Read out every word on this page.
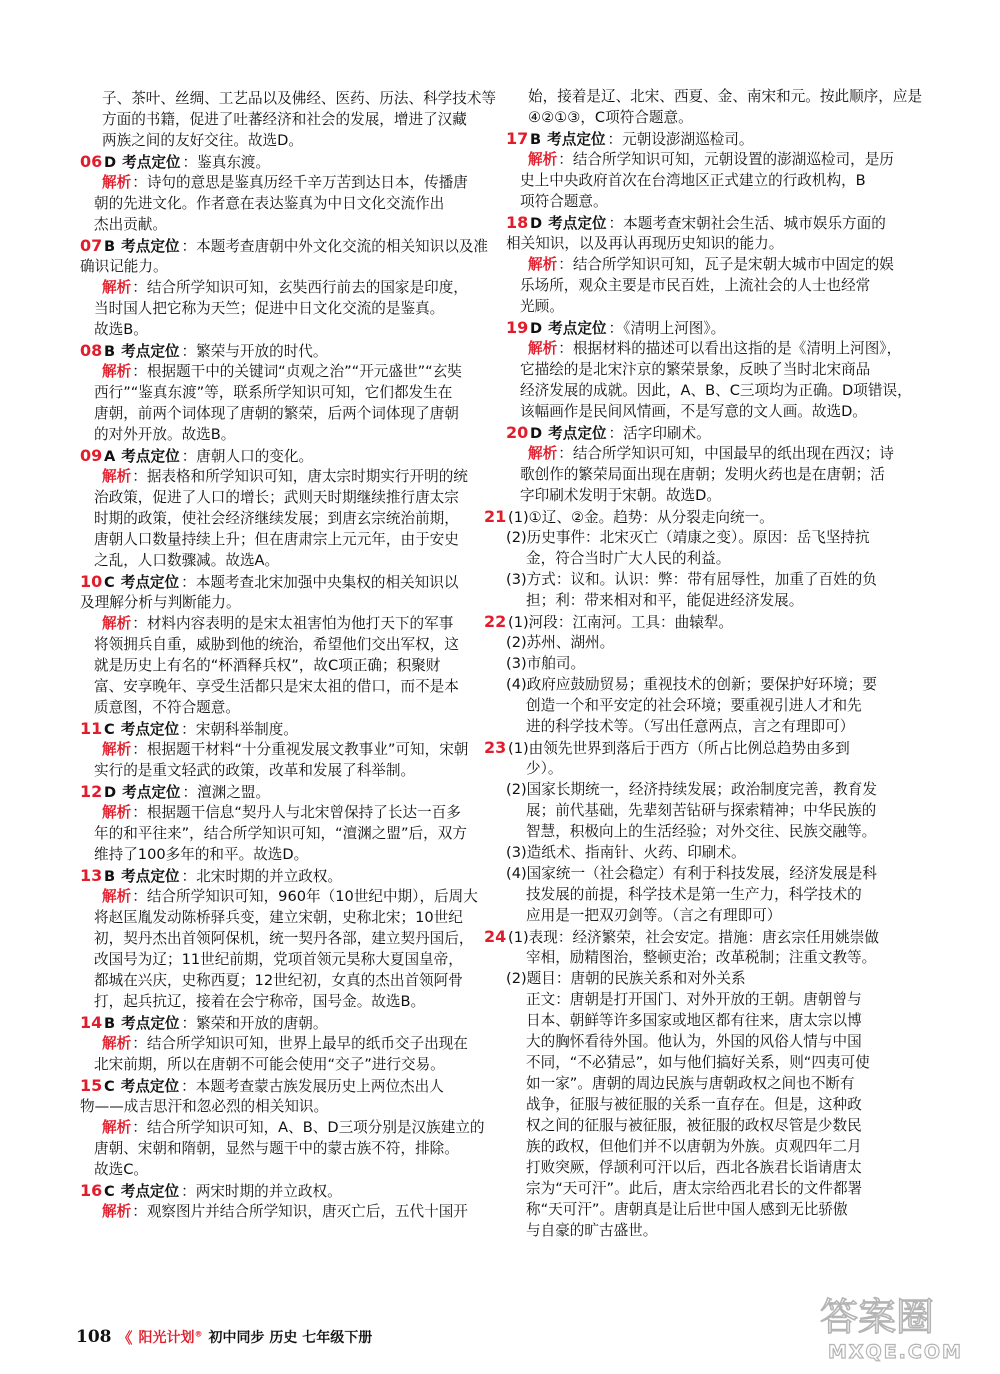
子、茶叶、丝绸、工艺品以及佛经、医药、历法、科学技术等
方面的书籍，促进了吐蕃经济和社会的发展，增进了汉藏
两族之间的友好交往。故选D。
06 D 考点定位 ：鉴真东渡。
解析：诗句的意思是鉴真历经千辛万苦到达日本，传播唐
朝的先进文化。作者意在表达鉴真为中日文化交流作出
杰出贡献。
07 B 考点定位 ：本题考查唐朝中外文化交流的相关知识以及准
确识记能力。
解析：结合所学知识可知，玄奘西行前去的国家是印度，
当时国人把它称为天竺；促进中日文化交流的是鉴真。
故选B。
08 B 考点定位 ：繁荣与开放的时代。
解析：根据题干中的关键词“贞观之治”“开元盛世”“玄奘
西行”“鉴真东渡”等，联系所学知识可知，它们都发生在
唐朝，前两个词体现了唐朝的繁荣，后两个词体现了唐朝
的对外开放。故选B。
09 A 考点定位 ：唐朝人口的变化。
解析：据表格和所学知识可知，唐太宗时期实行开明的统
治政策，促进了人口的增长；武则天时期继续推行唐太宗
时期的政策，使社会经济继续发展；到唐玄宗统治前期，
唐朝人口数量持续上升；但在唐肃宗上元元年，由于安史
之乱，人口数骤减。故选A。
10 C 考点定位 ：本题考查北宋加强中央集权的相关知识以
及理解分析与判断能力。
解析：材料内容表明的是宋太祖害怕为他打天下的军事
将领拥兵自重，威胁到他的统治，希望他们交出军权，这
就是历史上有名的“杯酒释兵权”，故C项正确；积聚财
富、安享晚年、享受生活都只是宋太祖的借口，而不是本
质意图，不符合题意。
11 C 考点定位 ：宋朝科举制度。
解析：根据题干材料“十分重视发展文教事业”可知，宋朝
实行的是重文轻武的政策，改革和发展了科举制。
12 D 考点定位 ：澶渊之盟。
解析：根据题干信息“契丹人与北宋曾保持了长达一百多
年的和平往来”，结合所学知识可知，“澶渊之盟”后，双方
维持了100多年的和平。故选D。
13 B 考点定位 ：北宋时期的并立政权。
解析：结合所学知识可知，960年（10世纪中期），后周大
将赵匡胤发动陈桥驿兵变，建立宋朝，史称北宋；10世纪
初，契丹杰出首领阿保机，统一契丹各部，建立契丹国后，
改国号为辽；11世纪前期，党项首领元昊称大夏国皇帝，
都城在兴庆，史称西夏；12世纪初，女真的杰出首领阿骨
打，起兵抗辽，接着在会宁称帝，国号金。故选B。
14 B 考点定位 ：繁荣和开放的唐朝。
解析：结合所学知识可知，世界上最早的纸币交子出现在
北宋前期，所以在唐朝不可能会使用“交子”进行交易。
15 C 考点定位 ：本题考查蒙古族发展历史上两位杰出人
物——成吉思汗和忽必烈的相关知识。
解析：结合所学知识可知，A、B、D三项分别是汉族建立的
唐朝、宋朝和隋朝，显然与题干中的蒙古族不符，排除。
故选C。
16 C 考点定位 ：两宋时期的并立政权。
解析：观察图片并结合所学知识，唐灭亡后，五代十国开
始，接着是辽、北宋、西夏、金、南宋和元。按此顺序，应是
④②①③，C项符合题意。
17 B 考点定位 ：元朝设澎湖巡检司。
解析：结合所学知识可知，元朝设置的澎湖巡检司，是历
史上中央政府首次在台湾地区正式建立的行政机构，B
项符合题意。
18 D 考点定位 ：本题考查宋朝社会生活、城市娱乐方面的
相关知识，以及再认再现历史知识的能力。
解析：结合所学知识可知，瓦子是宋朝大城市中固定的娱
乐场所，观众主要是市民百姓，上流社会的人士也经常
光顾。
19 D 考点定位 ：《清明上河图》。
解析：根据材料的描述可以看出这指的是《清明上河图》，
它描绘的是北宋汴京的繁荣景象，反映了当时北宋商品
经济发展的成就。因此，A、B、C三项均为正确。D项错误，
该幅画作是民间风情画，不是写意的文人画。故选D。
20 D 考点定位 ：活字印刷术。
解析：结合所学知识可知，中国最早的纸出现在西汉；诗
歌创作的繁荣局面出现在唐朝；发明火药也是在唐朝；活
字印刷术发明于宋朝。故选D。
21 (1)①辽、②金。趋势：从分裂走向统一。
(2)历史事件：北宋灭亡（靖康之变）。原因：岳飞坚持抗
金，符合当时广大人民的利益。
(3)方式：议和。认识：弊：带有屈辱性，加重了百姓的负
担；利：带来相对和平，能促进经济发展。
22 (1)河段：江南河。工具：曲辕犁。
(2)苏州、湖州。
(3)市舶司。
(4)政府应鼓励贸易；重视技术的创新；要保护好环境；要
创造一个和平安定的社会环境；要重视引进人才和先
进的科学技术等。（写出任意两点，言之有理即可）
23 (1)由领先世界到落后于西方（所占比例总趋势由多到
少）。
(2)国家长期统一，经济持续发展；政治制度完善，教育发
展；前代基础，先辈刻苦钻研与探索精神；中华民族的
智慧，积极向上的生活经验；对外交往、民族交融等。
(3)造纸术、指南针、火药、印刷术。
(4)国家统一（社会稳定）有利于科技发展，经济发展是科
技发展的前提，科学技术是第一生产力，科学技术的
应用是一把双刃剑等。（言之有理即可）
24 (1)表现：经济繁荣，社会安定。措施：唐玄宗任用姚崇做
宰相，励精图治，整顿吏治；改革税制；注重文教等。
(2)题目：唐朝的民族关系和对外关系
正文：唐朝是打开国门、对外开放的王朝。唐朝曾与
日本、朝鲜等许多国家或地区都有往来，唐太宗以博
大的胸怀看待外国。他认为，外国的风俗人情与中国
不同，“不必猜忌”，如与他们搞好关系，则“四夷可使
如一家”。唐朝的周边民族与唐朝政权之间也不断有
战争，征服与被征服的关系一直存在。但是，这种政
权之间的征服与被征服，被征服的政权尽管是少数民
族的政权，但他们并不以唐朝为外族。贞观四年二月
打败突厥，俘颉利可汗以后，西北各族君长诣请唐太
宗为“天可汗”。此后，唐太宗给西北君长的文件都署
称“天可汗”。唐朝真是让后世中国人感到无比骄傲
与自豪的旷古盛世。
108 《 阳光计划® 初中同步 历史 七年级下册	答案圈
MXQE.COM
